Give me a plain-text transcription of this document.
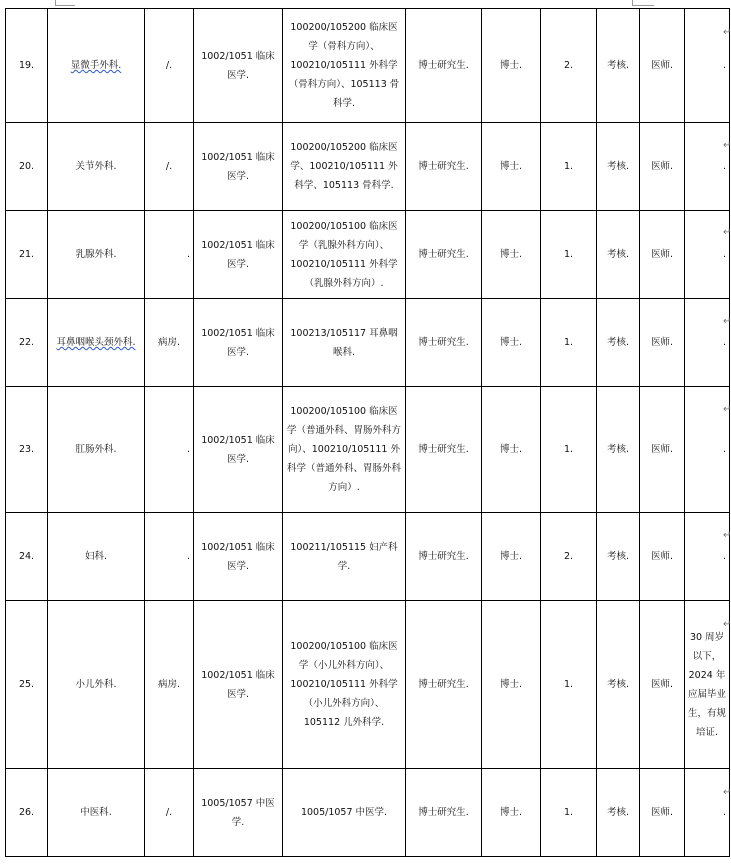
19.	显微手外科.	/.	1002/1051 临床医学.	100200/105200 临床医学（骨科方向）、100210/105111 外科学（骨科方向）、105113 骨科学.	博士研究生.	博士.	2.	考核.	医师.	.
20.	关节外科.	/.	1002/1051 临床医学.	100200/105200 临床医学、100210/105111 外科学、105113 骨科学.	博士研究生.	博士.	1.	考核.	医师.	.
21.	乳腺外科.	.	1002/1051 临床医学.	100200/105100 临床医学（乳腺外科方向）、100210/105111 外科学（乳腺外科方向）.	博士研究生.	博士.	1.	考核.	医师.	.
22.	耳鼻咽喉头颈外科.	病房.	1002/1051 临床医学.	100213/105117 耳鼻咽喉科.	博士研究生.	博士.	1.	考核.	医师.	.
23.	肛肠外科.	.	1002/1051 临床医学.	100200/105100 临床医学（普通外科、胃肠外科方向）、100210/105111 外科学（普通外科、胃肠外科方向）.	博士研究生.	博士.	1.	考核.	医师.	.
24.	妇科.	.	1002/1051 临床医学.	100211/105115 妇产科学.	博士研究生.	博士.	2.	考核.	医师.	.
25.	小儿外科.	病房.	1002/1051 临床医学.	100200/105100 临床医学（小儿外科方向）、100210/105111 外科学（小儿外科方向）、105112 儿外科学.	博士研究生.	博士.	1.	考核.	医师.	30 周岁以下，2024 年应届毕业生，有规培证.
26.	中医科.	/.	1005/1057 中医学.	1005/1057 中医学.	博士研究生.	博士.	1.	考核.	医师.	.
↵
↵
↵
↵
↵
↵
↵
↵
